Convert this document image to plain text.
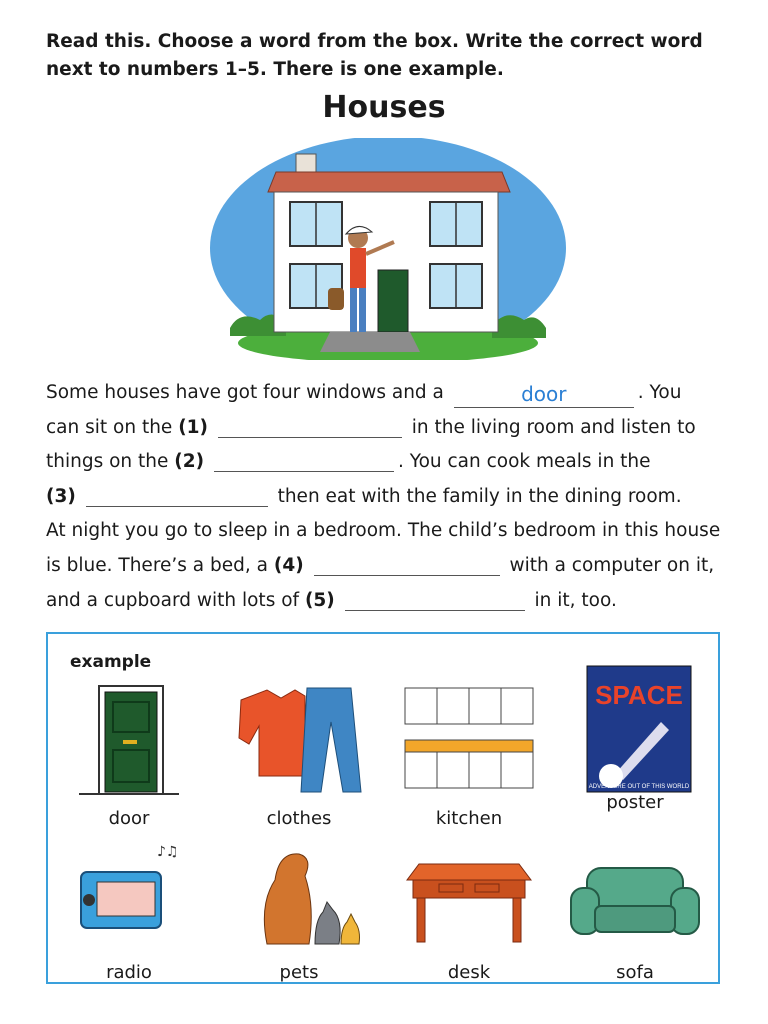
Read this. Choose a word from the box. Write the correct word next to numbers 1–5. There is one example.

Houses
Some houses have got four windows and a	door	. You
can sit on the (1)	in the living room and listen to
things on the (2)	. You can cook meals in the
(3)	then eat with the family in the dining room.
At night you go to sleep in a bedroom. The child’s bedroom in this house
is blue. There’s a bed, a (4)	with a computer on it,
and a cupboard with lots of (5)	in it, too.
example
door	clothes	kitchen
SPACE
ADVENTURE OUT OF THIS WORLD
poster
♪♫
radio	pets	desk	sofa
